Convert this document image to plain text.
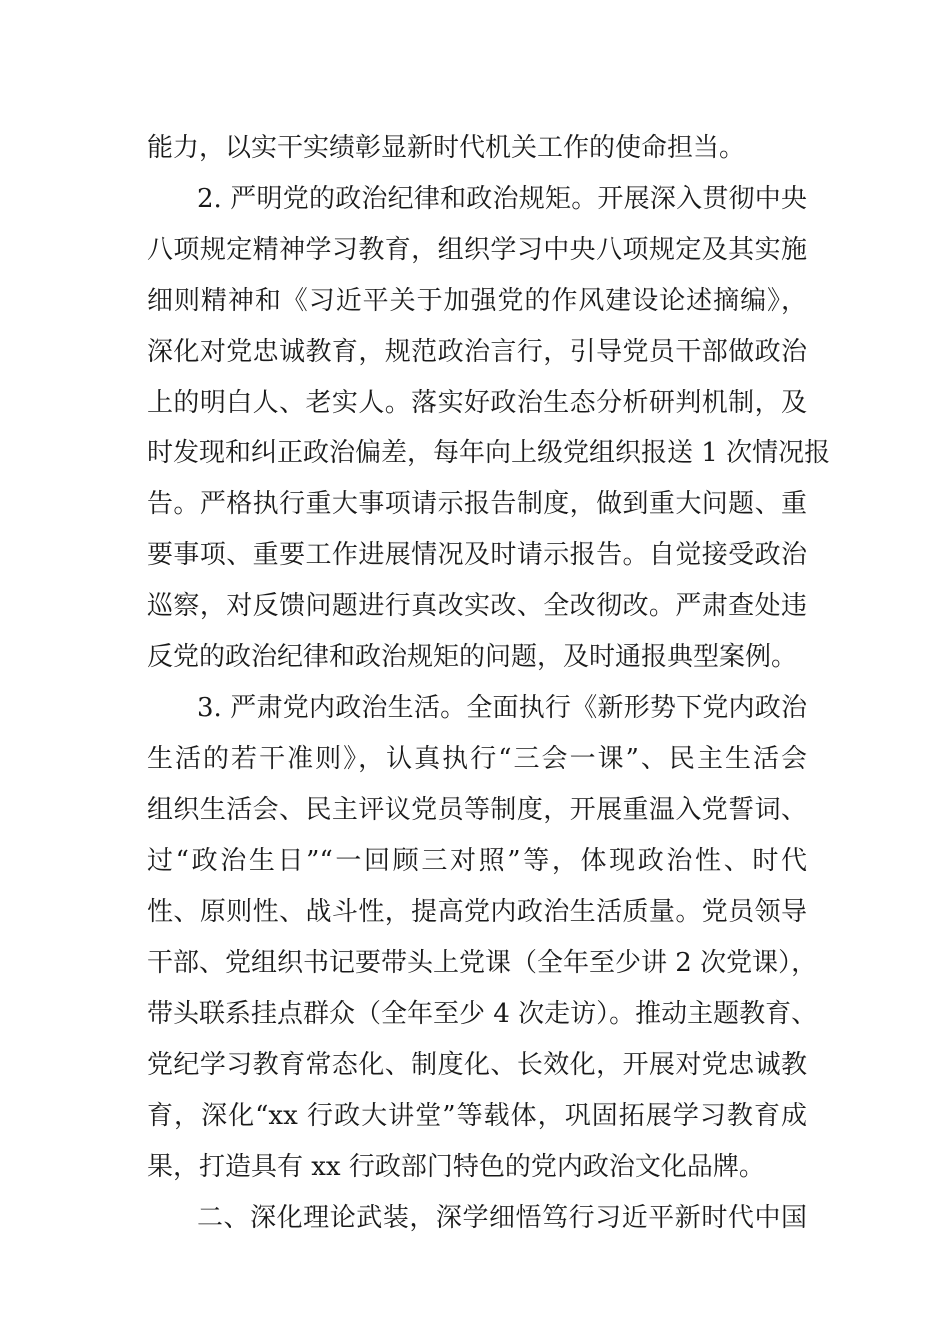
能力，以实干实绩彰显新时代机关工作的使命担当。
2. 严明党的政治纪律和政治规矩。开展深入贯彻中央
八项规定精神学习教育，组织学习中央八项规定及其实施
细则精神和《习近平关于加强党的作风建设论述摘编》，
深化对党忠诚教育，规范政治言行，引导党员干部做政治
上的明白人、老实人。落实好政治生态分析研判机制，及
时发现和纠正政治偏差，每年向上级党组织报送 1 次情况报
告。严格执行重大事项请示报告制度，做到重大问题、重
要事项、重要工作进展情况及时请示报告。自觉接受政治
巡察，对反馈问题进行真改实改、全改彻改。严肃查处违
反党的政治纪律和政治规矩的问题，及时通报典型案例。
3. 严肃党内政治生活。全面执行《新形势下党内政治
生活的若干准则》，认真执行“三会一课”、民主生活会
组织生活会、民主评议党员等制度，开展重温入党誓词、
过“政治生日”“一回顾三对照”等，体现政治性、时代
性、原则性、战斗性，提高党内政治生活质量。党员领导
干部、党组织书记要带头上党课（全年至少讲 2 次党课），
带头联系挂点群众（全年至少 4 次走访）。推动主题教育、
党纪学习教育常态化、制度化、长效化，开展对党忠诚教
育，深化“xx 行政大讲堂”等载体，巩固拓展学习教育成
果，打造具有 xx 行政部门特色的党内政治文化品牌。
二、深化理论武装，深学细悟笃行习近平新时代中国
